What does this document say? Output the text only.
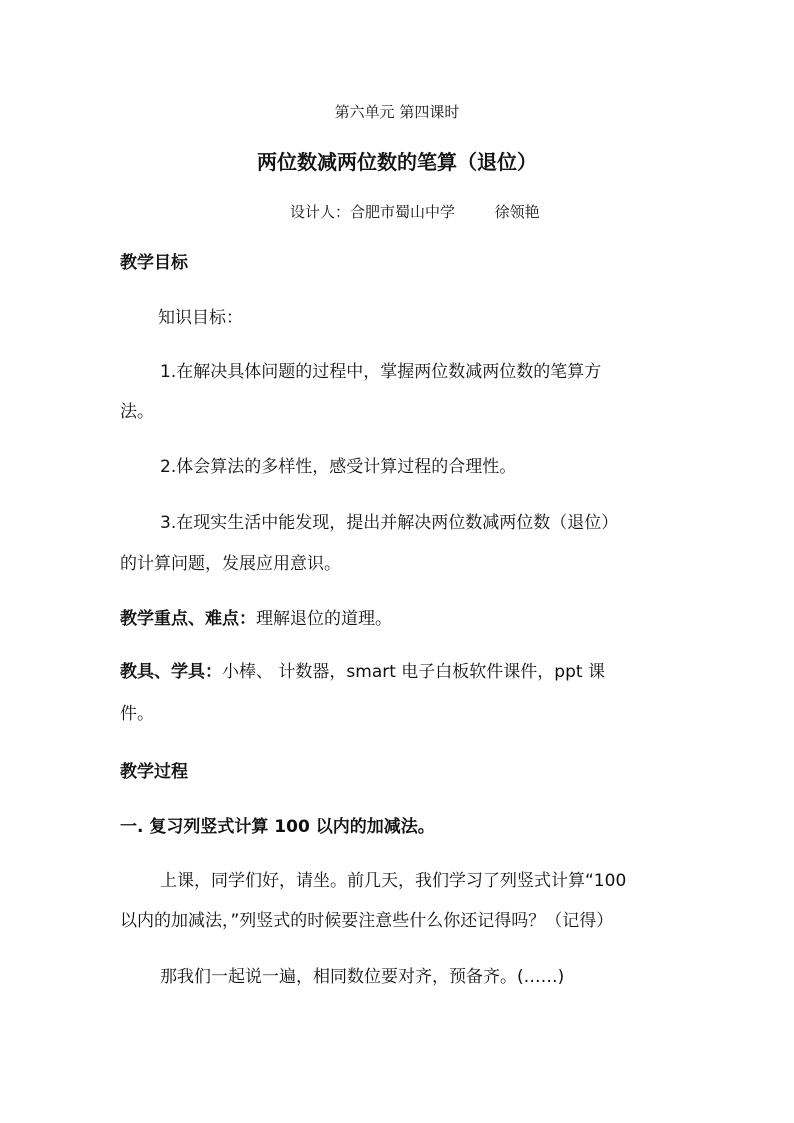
第六单元 第四课时
两位数减两位数的笔算（退位）
设计人：合肥市蜀山中学	徐领艳
教学目标
知识目标：
1.在解决具体问题的过程中，掌握两位数减两位数的笔算方
法。
2.体会算法的多样性，感受计算过程的合理性。
3.在现实生活中能发现，提出并解决两位数减两位数（退位）
的计算问题，发展应用意识。
教学重点、难点：理解退位的道理。
教具、学具：小棒、 计数器，smart 电子白板软件课件，ppt 课
件。
教学过程
一. 复习列竖式计算 100 以内的加减法。
上课，同学们好，请坐。前几天，我们学习了列竖式计算“100
以内的加减法，”列竖式的时候要注意些什么你还记得吗？（记得）
那我们一起说一遍，相同数位要对齐，预备齐。(……)
